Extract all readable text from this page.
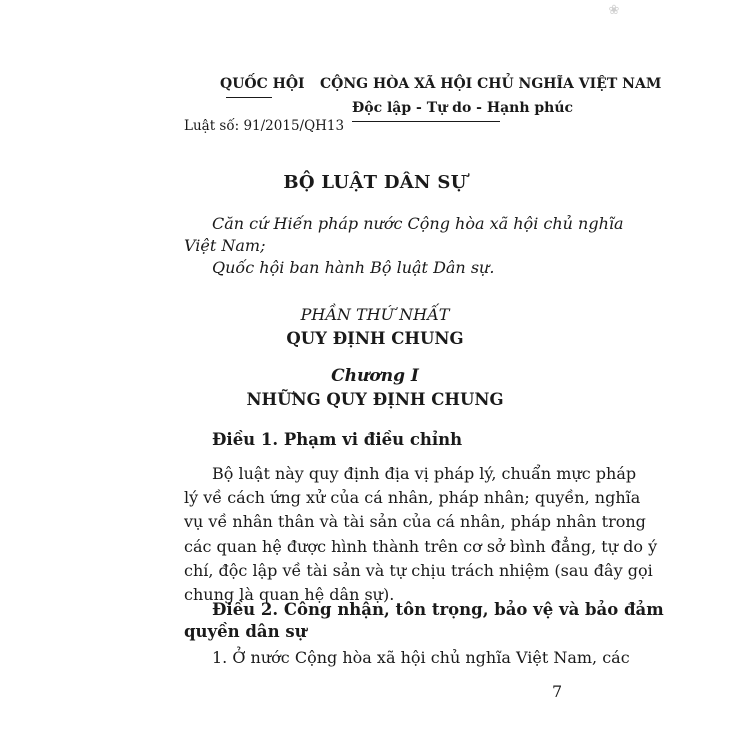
❀
QUỐC HỘI CỘNG HÒA XÃ HỘI CHỦ NGHĨA VIỆT NAM
Độc lập - Tự do - Hạnh phúc
Luật số: 91/2015/QH13
BỘ LUẬT DÂN SỰ
Căn cứ Hiến pháp nước Cộng hòa xã hội chủ nghĩa
Việt Nam;
Quốc hội ban hành Bộ luật Dân sự.
PHẦN THỨ NHẤT
QUY ĐỊNH CHUNG
Chương I
NHỮNG QUY ĐỊNH CHUNG
Điều 1. Phạm vi điều chỉnh
Bộ luật này quy định địa vị pháp lý, chuẩn mực pháp
lý về cách ứng xử của cá nhân, pháp nhân; quyền, nghĩa
vụ về nhân thân và tài sản của cá nhân, pháp nhân trong
các quan hệ được hình thành trên cơ sở bình đẳng, tự do ý
chí, độc lập về tài sản và tự chịu trách nhiệm (sau đây gọi
chung là quan hệ dân sự).
Điều 2. Công nhận, tôn trọng, bảo vệ và bảo đảm
quyền dân sự
1. Ở nước Cộng hòa xã hội chủ nghĩa Việt Nam, các
7
